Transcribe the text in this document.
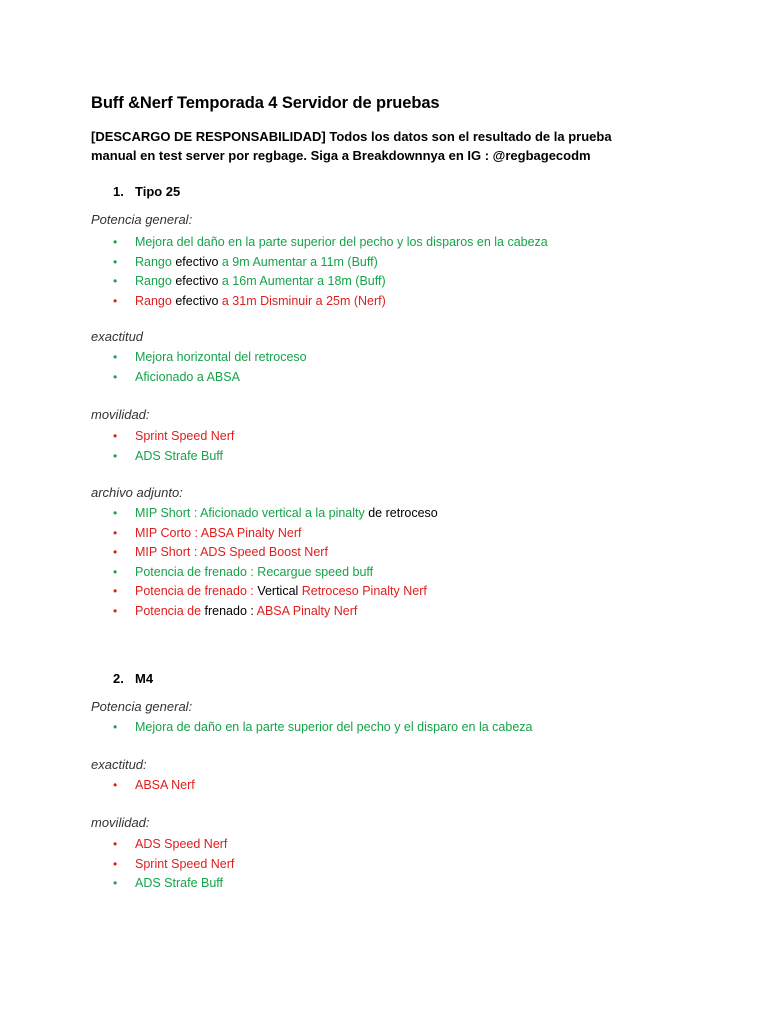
Buff &Nerf Temporada 4 Servidor de pruebas
[DESCARGO DE RESPONSABILIDAD] Todos los datos son el resultado de la prueba manual en test server por regbage. Siga a Breakdownnya en IG : @regbagecodm
1. Tipo 25
Potencia general:
• Mejora del daño en la parte superior del pecho y los disparos en la cabeza
• Rango efectivo a 9m Aumentar a 11m (Buff)
• Rango efectivo a 16m Aumentar a 18m (Buff)
• Rango efectivo a 31m Disminuir a 25m (Nerf)
exactitud
• Mejora horizontal del retroceso
• Aficionado a ABSA
movilidad:
• Sprint Speed Nerf
• ADS Strafe Buff
archivo adjunto:
• MIP Short : Aficionado vertical a la pinalty de retroceso
• MIP Corto : ABSA Pinalty Nerf
• MIP Short : ADS Speed Boost Nerf
• Potencia de frenado : Recargue speed buff
• Potencia de frenado : Vertical Retroceso Pinalty Nerf
• Potencia de frenado : ABSA Pinalty Nerf
2. M4
Potencia general:
• Mejora de daño en la parte superior del pecho y el disparo en la cabeza
exactitud:
• ABSA Nerf
movilidad:
• ADS Speed Nerf
• Sprint Speed Nerf
• ADS Strafe Buff
